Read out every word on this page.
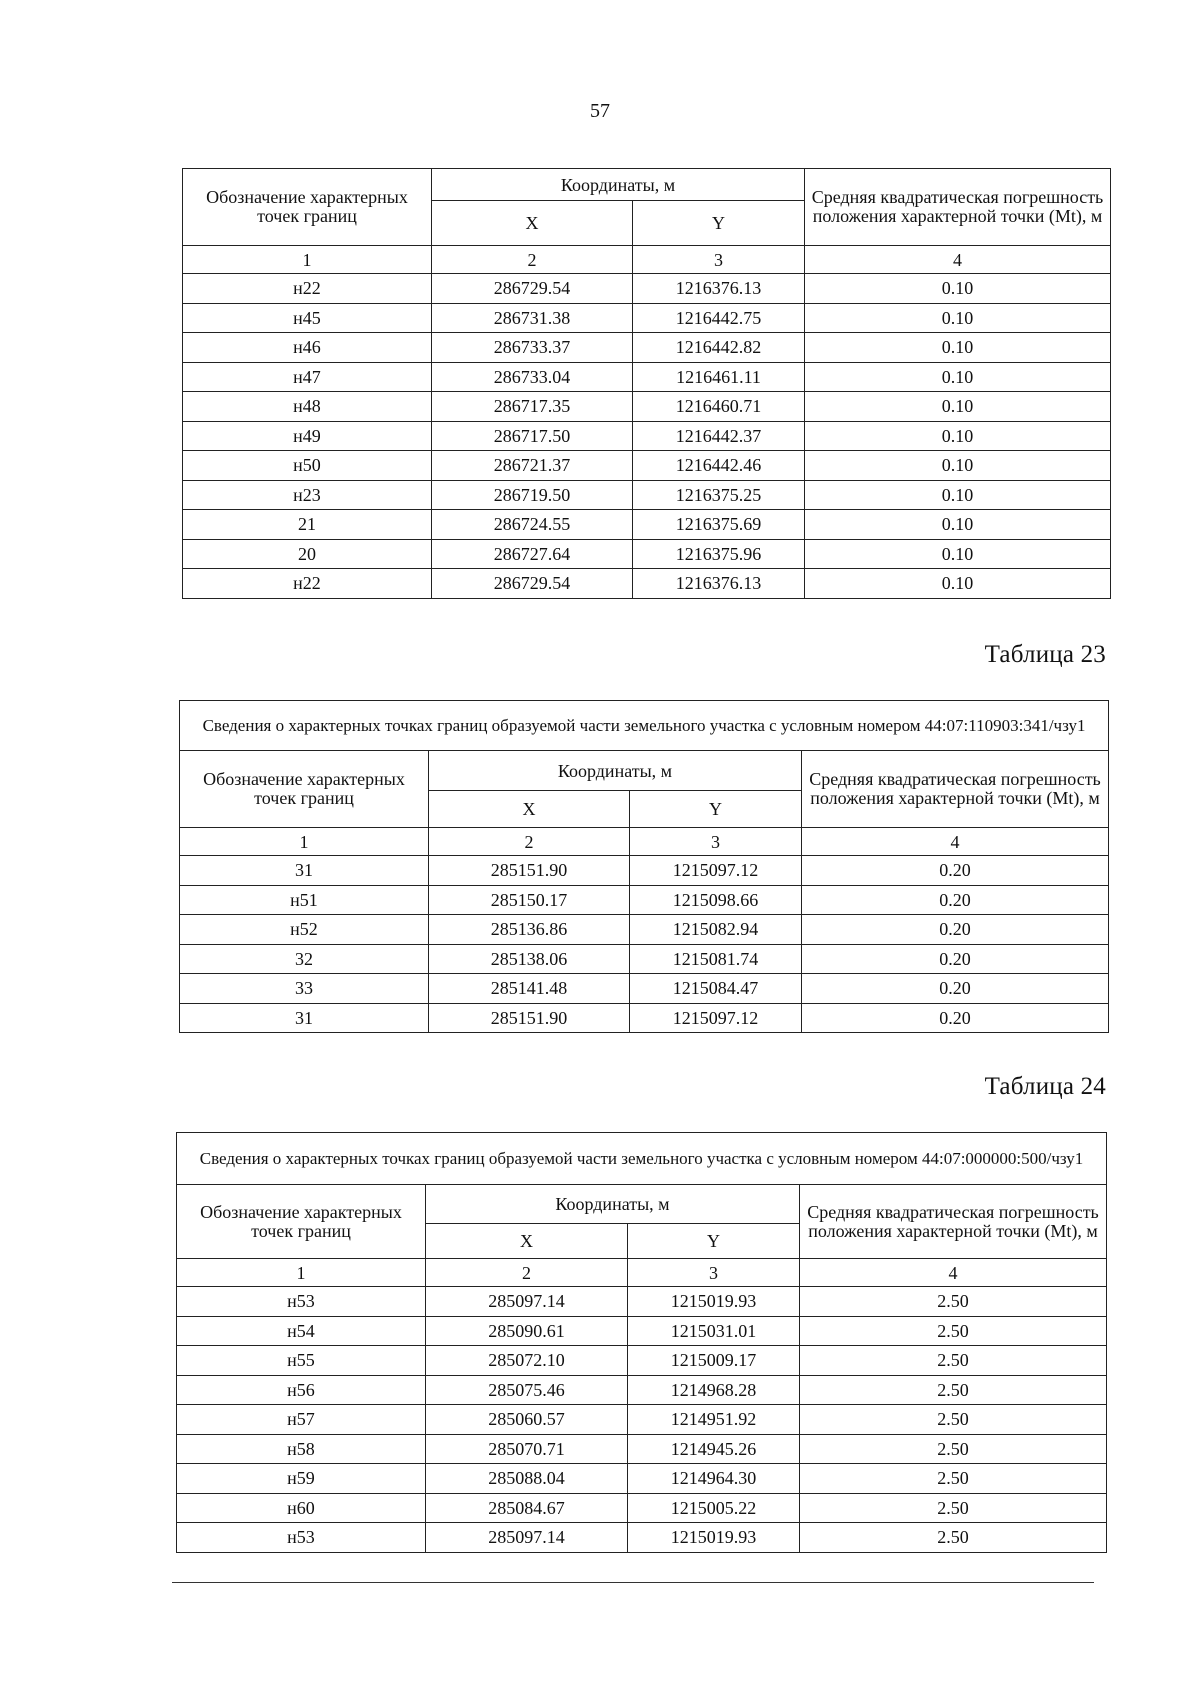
57
Обозначение характерных точек границ	Координаты, м		Средняя квадратическая погрешность положения характерной точки (Mt), м
	X	Y	
1	2	3	4
н22	286729.54	1216376.13	0.10
н45	286731.38	1216442.75	0.10
н46	286733.37	1216442.82	0.10
н47	286733.04	1216461.11	0.10
н48	286717.35	1216460.71	0.10
н49	286717.50	1216442.37	0.10
н50	286721.37	1216442.46	0.10
н23	286719.50	1216375.25	0.10
21	286724.55	1216375.69	0.10
20	286727.64	1216375.96	0.10
н22	286729.54	1216376.13	0.10
Таблица 23
Сведения о характерных точках границ образуемой части земельного участка с условным номером 44:07:110903:341/чзу1			
Обозначение характерных точек границ	Координаты, м		Средняя квадратическая погрешность положения характерной точки (Mt), м
	X	Y	
1	2	3	4
31	285151.90	1215097.12	0.20
н51	285150.17	1215098.66	0.20
н52	285136.86	1215082.94	0.20
32	285138.06	1215081.74	0.20
33	285141.48	1215084.47	0.20
31	285151.90	1215097.12	0.20
Таблица 24
Сведения о характерных точках границ образуемой части земельного участка с условным номером 44:07:000000:500/чзу1			
Обозначение характерных точек границ	Координаты, м		Средняя квадратическая погрешность положения характерной точки (Mt), м
	X	Y	
1	2	3	4
н53	285097.14	1215019.93	2.50
н54	285090.61	1215031.01	2.50
н55	285072.10	1215009.17	2.50
н56	285075.46	1214968.28	2.50
н57	285060.57	1214951.92	2.50
н58	285070.71	1214945.26	2.50
н59	285088.04	1214964.30	2.50
н60	285084.67	1215005.22	2.50
н53	285097.14	1215019.93	2.50
